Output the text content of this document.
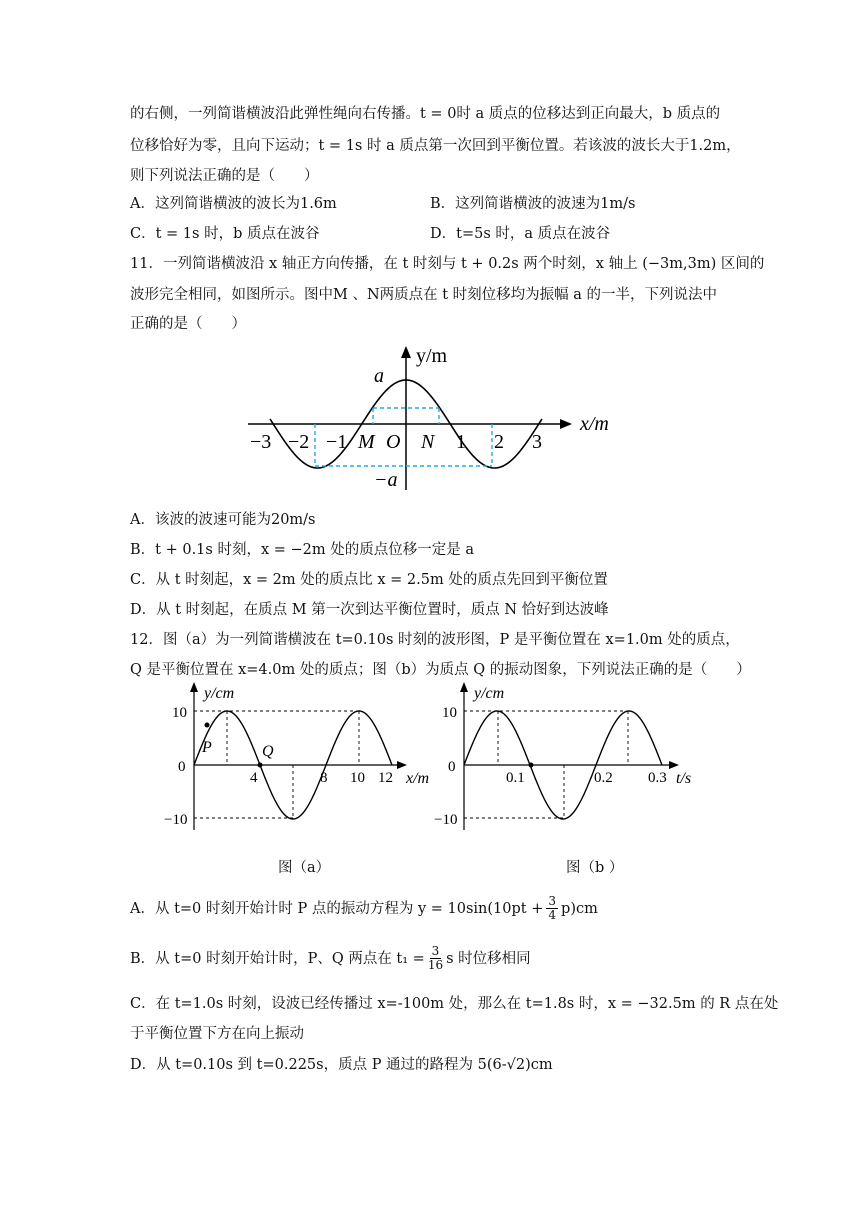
的右侧，一列简谐横波沿此弹性绳向右传播。t = 0时 a 质点的位移达到正向最大，b 质点的
位移恰好为零，且向下运动；t = 1s 时 a 质点第一次回到平衡位置。若该波的波长大于1.2m，
则下列说法正确的是（　　）
A．这列简谐横波的波长为1.6m	B．这列简谐横波的波速为1m/s
C．t = 1s 时，b 质点在波谷	D．t=5s 时，a 质点在波谷
11．一列简谐横波沿 x 轴正方向传播，在 t 时刻与 t + 0.2s 两个时刻，x 轴上 (−3m,3m) 区间的
波形完全相同，如图所示。图中M 、N两质点在 t 时刻位移均为振幅 a 的一半，下列说法中
正确的是（　　）
y/m
x/m
a
−a
−3 −2 −1 M O N 1 2 3
A．该波的波速可能为20m/s
B．t + 0.1s 时刻，x = −2m 处的质点位移一定是 a
C．从 t 时刻起，x = 2m 处的质点比 x = 2.5m 处的质点先回到平衡位置
D．从 t 时刻起，在质点 M 第一次到达平衡位置时，质点 N 恰好到达波峰
12．图（a）为一列简谐横波在 t=0.10s 时刻的波形图，P 是平衡位置在 x=1.0m 处的质点，
Q 是平衡位置在 x=4.0m 处的质点；图（b）为质点 Q 的振动图象，下列说法正确的是（　　）
y/cm
x/m
10
0
−10
4	8 10 12
P	Q
图（a）
y/cm
t/s
10
0
−10
0.1	0.2 0.3
图（b ）
A．从 t=0 时刻开始计时 P 点的振动方程为 $y = 10\sin(10pt + \frac{3}{4} p)cm$
B．从 t=0 时刻开始计时，P、Q 两点在 $t_1 = \frac{3}{16}$ s 时位移相同
C．在 t=1.0s 时刻，设波已经传播过 x=-100m 处，那么在 t=1.8s 时，x = −32.5m 的 R 点在处
于平衡位置下方在向上振动
D．从 t=0.10s 到 t=0.225s，质点 P 通过的路程为 5(6-√2)cm
